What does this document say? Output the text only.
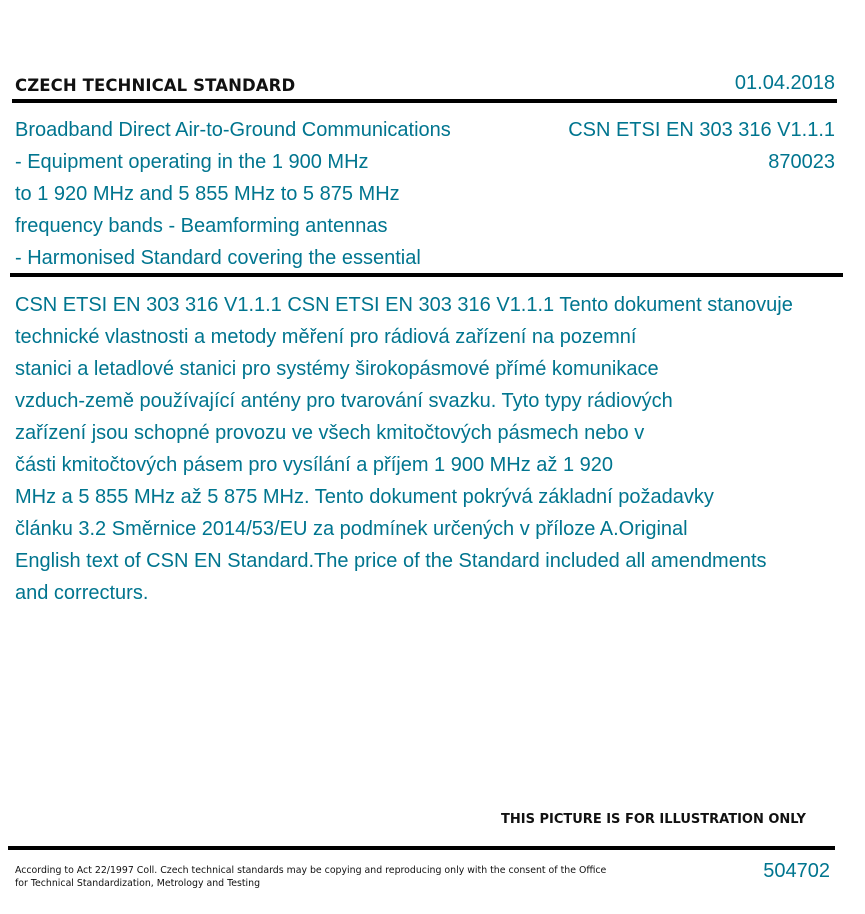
CZECH TECHNICAL STANDARD	01.04.2018
Broadband Direct Air-to-Ground Communications
- Equipment operating in the 1 900 MHz
to 1 920 MHz and 5 855 MHz to 5 875 MHz
frequency bands - Beamforming antennas
- Harmonised Standard covering the essential
CSN ETSI EN 303 316 V1.1.1
870023
CSN ETSI EN 303 316 V1.1.1 CSN ETSI EN 303 316 V1.1.1 Tento dokument stanovuje
technické vlastnosti a metody měření pro rádiová zařízení na pozemní
stanici a letadlové stanici pro systémy širokopásmové přímé komunikace
vzduch-země používající antény pro tvarování svazku. Tyto typy rádiových
zařízení jsou schopné provozu ve všech kmitočtových pásmech nebo v
části kmitočtových pásem pro vysílání a příjem 1 900 MHz až 1 920
MHz a 5 855 MHz až 5 875 MHz. Tento dokument pokrývá základní požadavky
článku 3.2 Směrnice 2014/53/EU za podmínek určených v příloze A.Original
English text of CSN EN Standard.The price of the Standard included all amendments
and correcturs.
THIS PICTURE IS FOR ILLUSTRATION ONLY
According to Act 22/1997 Coll. Czech technical standards may be copying and reproducing only with the consent of the Office
for Technical Standardization, Metrology and Testing
504702
